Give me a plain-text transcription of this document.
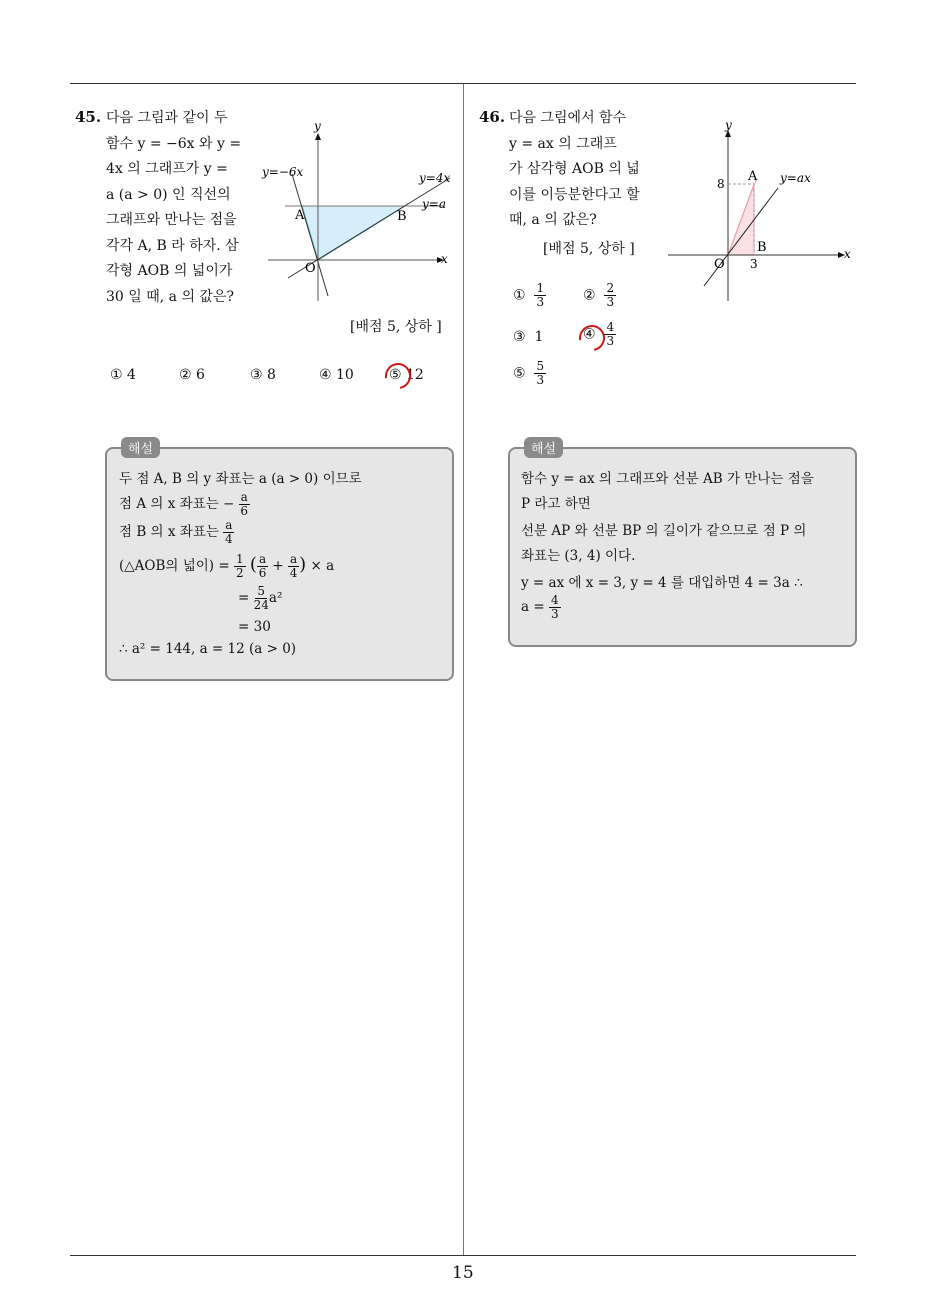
15
45. 다음 그림과 같이 두
함수 y = −6x 와 y =
4x 의 그래프가 y =
a (a > 0) 인 직선의
그래프와 만나는 점을
각각 A, B 라 하자. 삼
각형 AOB 의 넓이가
30 일 때, a 의 값은?
y
x
y=−6x	y=4x
y=a
A	B
O
[배점 5, 상하 ]
① 4	② 6	③ 8	④ 10	⑤ 12
해설
두 점 A, B 의 y 좌표는 a (a > 0) 이므로
점 A 의 x 좌표는 − $\frac{a}{6}$
점 B 의 x 좌표는 $\frac{a}{4}$
(△AOB의 넓이) = $\frac{1}{2}$ ( $\frac{a}{6} + \frac{a}{4}$ ) × a
= $\frac{5}{24} a^2$
= 30
∴ a² = 144, a = 12 (a > 0)
46. 다음 그림에서 함수
y = ax 의 그래프
가 삼각형 AOB 의 넓
이를 이등분한다고 할
때, a 의 값은?
[배점 5, 상하 ]
y
x
y=ax
A
B
O
8
3
① $\frac{1}{3}$	② $\frac{2}{3}$
③ 1	④ $\frac{4}{3}$
⑤ $\frac{5}{3}$
해설
함수 y = ax 의 그래프와 선분 AB 가 만나는 점을
P 라고 하면
선분 AP 와 선분 BP 의 길이가 같으므로 점 P 의
좌표는 (3, 4) 이다.
y = ax 에 x = 3, y = 4 를 대입하면 4 = 3a ∴
$a = \frac{4}{3}$
